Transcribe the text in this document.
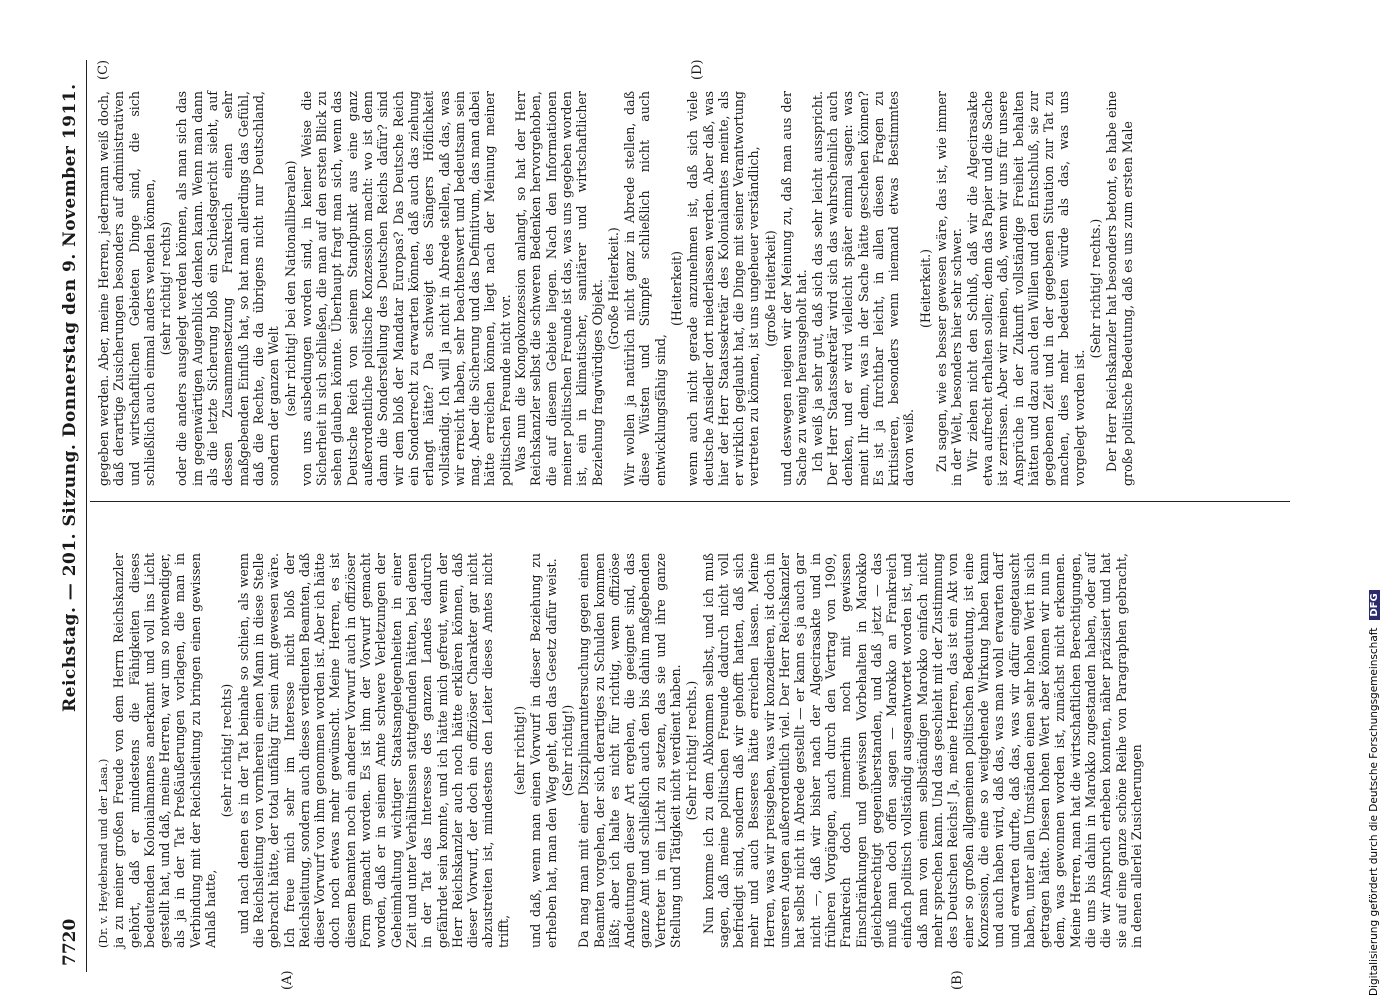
7720
Reichstag. — 201. Sitzung. Donnerstag den 9. November 1911.
(A)	(B)
(C)	(D)

(Dr. v. Heydebrand und der Lasa.) ja zu meiner großen Freude von dem Herrn Reichskanzler gehört, daß er mindestens die Fähigkeiten dieses bedeutenden Kolonialmannes anerkannt und voll ins Licht gestellt hat, und daß, meine Herren, war um so notwendiger, als ja in der Tat Preßäußerungen vorlagen, die man in Verbindung mit der Reichsleitung zu bringen einen gewissen Anlaß hatte,

(sehr richtig! rechts) und nach denen es in der Tat beinahe so schien, als wenn die Reichsleitung von vornherein einen Mann in diese Stelle gebracht hätte, der total unfähig für sein Amt gewesen wäre. Ich freue mich sehr im Interesse nicht bloß der Reichsleitung, sondern auch dieses verdienten Beamten, daß dieser Vorwurf von ihm genommen worden ist. Aber ich hätte doch noch etwas mehr gewünscht. Meine Herren, es ist diesem Beamten noch ein anderer Vorwurf auch in offiziöser Form gemacht worden. Es ist ihm der Vorwurf gemacht worden, daß er in seinem Amte schwere Verletzungen der Geheimhaltung wichtiger Staatsangelegenheiten in einer Zeit und unter Verhältnissen stattgefunden hätten, bei denen in der Tat das Interesse des ganzen Landes dadurch gefährdet sein konnte, und ich hätte mich gefreut, wenn der Herr Reichskanzler auch noch hätte erklären können, daß dieser Vorwurf, der doch ein offiziöser Charakter gar nicht abzustreiten ist, mindestens den Leiter dieses Amtes nicht trifft,

(sehr richtig!) und daß, wenn man einen Vorwurf in dieser Beziehung zu erheben hat, man den Weg geht, den das Gesetz dafür weist. (Sehr richtig!) Da mag man mit einer Disziplinaruntersuchung gegen einen Beamten vorgehen, der sich derartiges zu Schulden kommen läßt; aber ich halte es nicht für richtig, wenn offiziöse Andeutungen dieser Art ergehen, die geeignet sind, das ganze Amt und schließlich auch den bis dahin maßgebenden Vertreter in ein Licht zu setzen, das sie und ihre ganze Stellung und Tätigkeit nicht verdient haben. (Sehr richtig! rechts.) Nun komme ich zu dem Abkommen selbst, und ich muß sagen, daß meine politischen Freunde dadurch nicht voll befriedigt sind, sondern daß wir gehofft hatten, daß sich mehr und auch Besseres hätte erreichen lassen. Meine Herren, was wir preisgeben, was wir konzedieren, ist doch in unseren Augen außerordentlich viel. Der Herr Reichskanzler hat selbst nicht in Abrede gestellt — er kann es ja auch gar nicht —, daß wir bisher nach der Algecirasakte und in früheren Vorgängen, auch durch den Vertrag von 1909, Frankreich doch immerhin noch mit gewissen Einschränkungen und gewissen Vorbehalten in Marokko gleichberechtigt gegenüberstanden, und daß jetzt — das muß man doch offen sagen — Marokko an Frankreich einfach politisch vollständig ausgeantwortet worden ist, und daß man von einem selbständigen Marokko einfach nicht mehr sprechen kann. Und das geschieht mit der Zustimmung des Deutschen Reichs! Ja, meine Herren, das ist ein Akt von einer so großen allgemeinen politischen Bedeutung, ist eine Konzession, die eine so weitgehende Wirkung haben kann und auch haben wird, daß das, was man wohl erwarten darf und erwarten durfte, daß das, was wir dafür eingetauscht haben, unter allen Umständen einen sehr hohen Wert in sich getragen hätte. Diesen hohen Wert aber können wir nun in dem, was gewonnen worden ist, zunächst nicht erkennen. Meine Herren, man hat die wirtschaftlichen Berechtigungen, die uns bis dahin in Marokko zugestanden haben, oder auf die wir Anspruch erheben konnten, näher präzisiert und hat sie auf eine ganze schöne Reihe von Paragraphen gebracht, in denen allerlei Zusicherungen

gegeben werden. Aber, meine Herren, jedermann weiß doch, daß derartige Zusicherungen besonders auf administrativen und wirtschaftlichen Gebieten Dinge sind, die sich schließlich auch einmal anders wenden können, (sehr richtig! rechts) oder die anders ausgelegt werden können, als man sich das im gegenwärtigen Augenblick denken kann. Wenn man dann als die letzte Sicherung bloß ein Schiedsgericht sieht, auf dessen Zusammensetzung Frankreich einen sehr maßgebenden Einfluß hat, so hat man allerdings das Gefühl, daß die Rechte, die da übrigens nicht nur Deutschland, sondern der ganzen Welt (sehr richtig! bei den Nationalliberalen) von uns ausbedungen worden sind, in keiner Weise die Sicherheit in sich schließen, die man auf den ersten Blick zu sehen glauben könnte. Überhaupt fragt man sich, wenn das Deutsche Reich von seinem Standpunkt aus eine ganz außerordentliche politische Konzession macht: wo ist denn dann die Sonderstellung des Deutschen Reichs dafür? sind wir dem bloß der Mandatar Europas? Das Deutsche Reich ein Sonderrecht zu erwarten können, daß auch das ziehung erlangt hätte? Da schweigt des Sängers Höflichkeit vollständig. Ich will ja nicht in Abrede stellen, daß das, was wir erreicht haben, sehr beachtenswert und bedeutsam sein mag. Aber die Sicherung und das Definitivum, das man dabei hätte erreichen können, liegt nach der Meinung meiner politischen Freunde nicht vor. Was nun die Kongokonzession anlangt, so hat der Herr Reichskanzler selbst die schweren Bedenken hervorgehoben, die auf diesem Gebiete liegen. Nach den Informationen meiner politischen Freunde ist das, was uns gegeben worden ist, ein in klimatischer, sanitärer und wirtschaftlicher Beziehung fragwürdiges Objekt. (Große Heiterkeit.) Wir wollen ja natürlich nicht ganz in Abrede stellen, daß diese Wüsten und Sümpfe schließlich nicht auch entwicklungsfähig sind,

(Heiterkeit) wenn auch nicht gerade anzunehmen ist, daß sich viele deutsche Ansiedler dort niederlassen werden. Aber daß, was hier der Herr Staatssekretär des Kolonialamtes meinte, als er wirklich geglaubt hat, die Dinge mit seiner Verantwortung vertreten zu können, ist uns ungeheuer verständlich, (große Heiterkeit) und deswegen neigen wir der Meinung zu, daß man aus der Sache zu wenig herausgeholt hat. Ich weiß ja sehr gut, daß sich das sehr leicht ausspricht. Der Herr Staatssekretär wird sich das wahrscheinlich auch denken, und er wird vielleicht später einmal sagen: was meint Ihr denn, was in der Sache hätte geschehen können? Es ist ja furchtbar leicht, in allen diesen Fragen zu kritisieren, besonders wenn niemand etwas Bestimmtes davon weiß.

(Heiterkeit.) Zu sagen, wie es besser gewesen wäre, das ist, wie immer in der Welt, besonders hier sehr schwer. Wir ziehen nicht den Schluß, daß wir die Algecirasakte etwa aufrecht erhalten sollen; denn das Papier und die Sache ist zerrissen. Aber wir meinen, daß, wenn wir uns für unsere Ansprüche in der Zukunft vollständige Freiheit behalten hätten und dazu auch den Willen und den Entschluß, sie zur gegebenen Zeit und in der gegebenen Situation zur Tat zu machen, dies mehr bedeuten würde als das, was uns vorgelegt worden ist.

(Sehr richtig! rechts.) Der Herr Reichskanzler hat besonders betont, es habe eine große politische Bedeutung, daß es uns zum ersten Male

Digitalisierung gefördert durch die Deutsche ForschungsgemeinschaftDFG
